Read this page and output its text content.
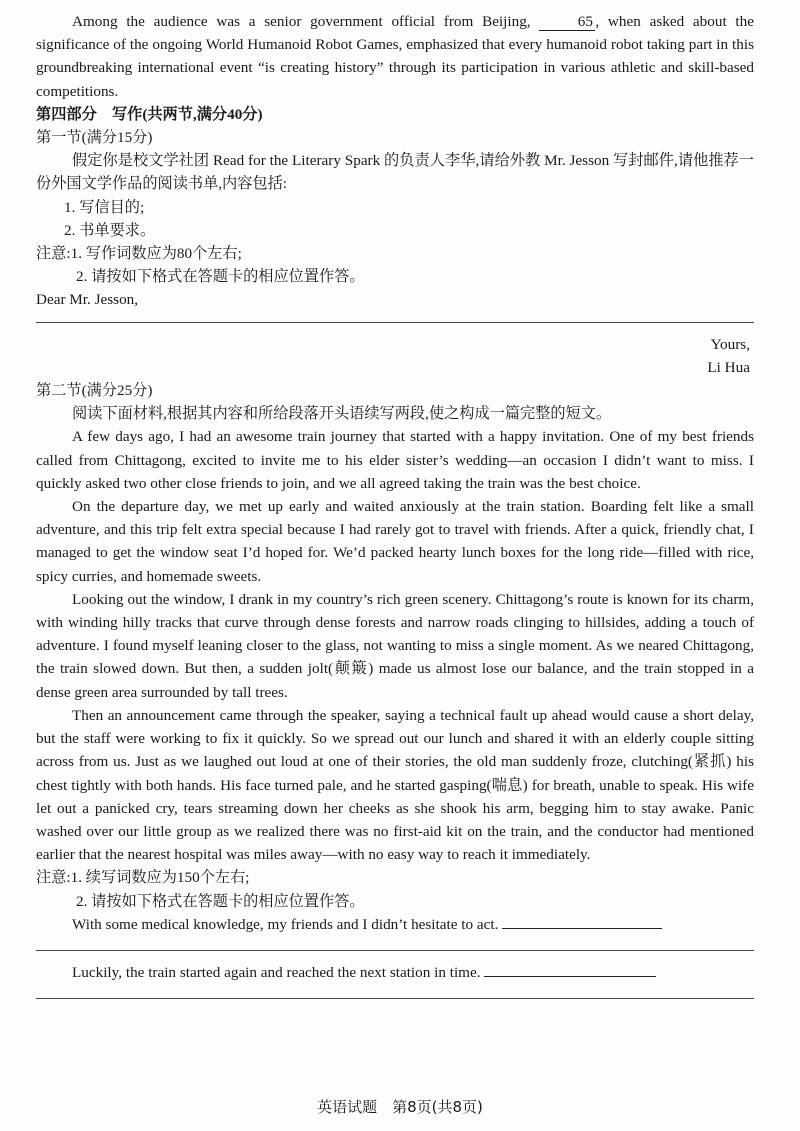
Among the audience was a senior government official from Beijing,	65 , when asked about the significance of the ongoing World Humanoid Robot Games, emphasized that every humanoid robot taking part in this groundbreaking international event “is creating history” through its participation in various athletic and skill-based competitions.

第四部分　写作(共两节,满分40分)

第一节(满分15分)

假定你是校文学社团 Read for the Literary Spark 的负责人李华,请给外教 Mr. Jesson 写封邮件,请他推荐一份外国文学作品的阅读书单,内容包括:

1. 写信目的;

2. 书单要求。

注意:1. 写作词数应为80个左右;

2. 请按如下格式在答题卡的相应位置作答。

Dear Mr. Jesson,

Yours,

Li Hua

第二节(满分25分)

阅读下面材料,根据其内容和所给段落开头语续写两段,使之构成一篇完整的短文。

A few days ago, I had an awesome train journey that started with a happy invitation. One of my best friends called from Chittagong, excited to invite me to his elder sister’s wedding—an occasion I didn’t want to miss. I quickly asked two other close friends to join, and we all agreed taking the train was the best choice.

On the departure day, we met up early and waited anxiously at the train station. Boarding felt like a small adventure, and this trip felt extra special because I had rarely got to travel with friends. After a quick, friendly chat, I managed to get the window seat I’d hoped for. We’d packed hearty lunch boxes for the long ride—filled with rice, spicy curries, and homemade sweets.

Looking out the window, I drank in my country’s rich green scenery. Chittagong’s route is known for its charm, with winding hilly tracks that curve through dense forests and narrow roads clinging to hillsides, adding a touch of adventure. I found myself leaning closer to the glass, not wanting to miss a single moment. As we neared Chittagong, the train slowed down. But then, a sudden jolt(颠簸) made us almost lose our balance, and the train stopped in a dense green area surrounded by tall trees.

Then an announcement came through the speaker, saying a technical fault up ahead would cause a short delay, but the staff were working to fix it quickly. So we spread out our lunch and shared it with an elderly couple sitting across from us. Just as we laughed out loud at one of their stories, the old man suddenly froze, clutching(紧抓) his chest tightly with both hands. His face turned pale, and he started gasping(喘息) for breath, unable to speak. His wife let out a panicked cry, tears streaming down her cheeks as she shook his arm, begging him to stay awake. Panic washed over our little group as we realized there was no first-aid kit on the train, and the conductor had mentioned earlier that the nearest hospital was miles away—with no easy way to reach it immediately.

注意:1. 续写词数应为150个左右;

2. 请按如下格式在答题卡的相应位置作答。

With some medical knowledge, my friends and I didn’t hesitate to act.

Luckily, the train started again and reached the next station in time.

英语试题　第8页(共8页)
